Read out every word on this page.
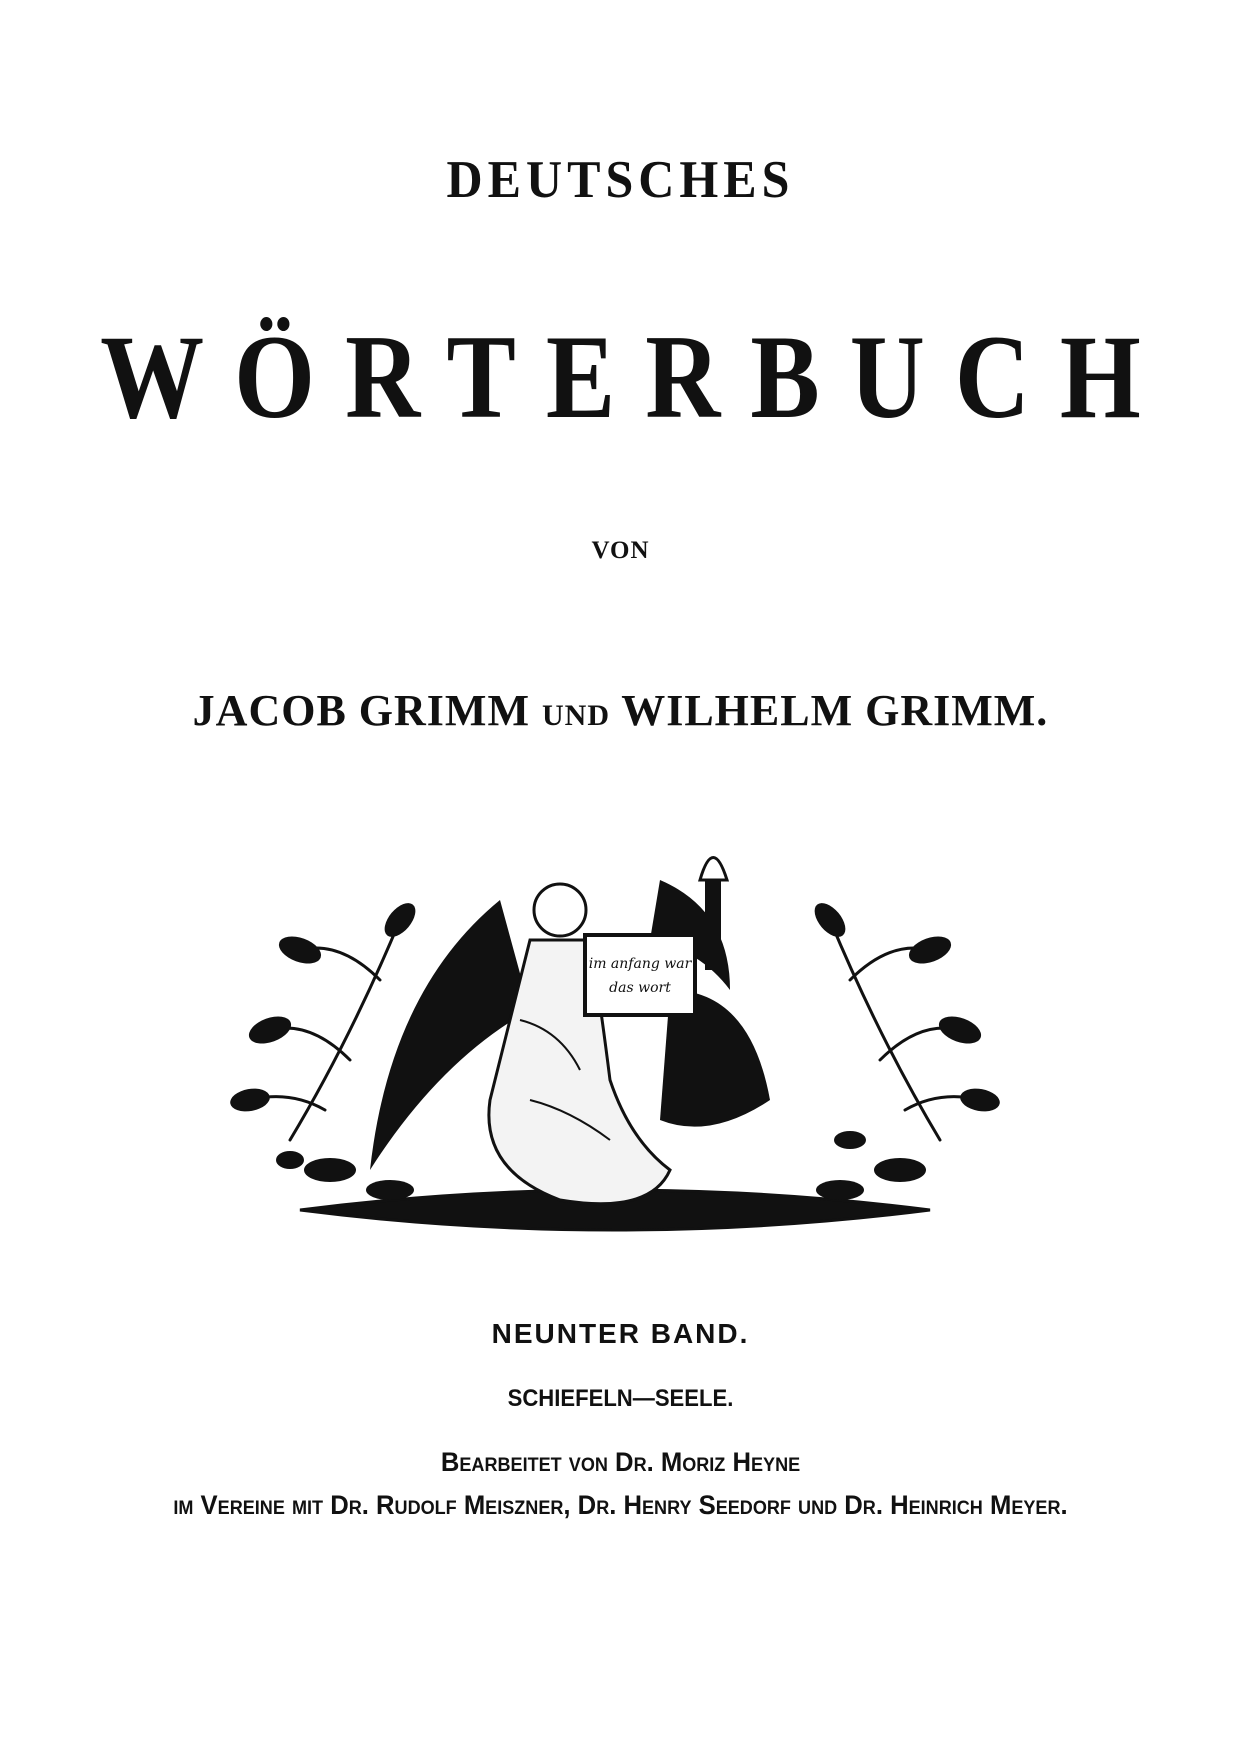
DEUTSCHES
WÖRTERBUCH
VON
JACOB GRIMM UND WILHELM GRIMM.
im anfang war
das wort
NEUNTER BAND.
SCHIEFELN—SEELE.
Bearbeitet von Dr. Moriz Heyne
im Vereine mit Dr. Rudolf Meiszner, Dr. Henry Seedorf und Dr. Heinrich Meyer.
